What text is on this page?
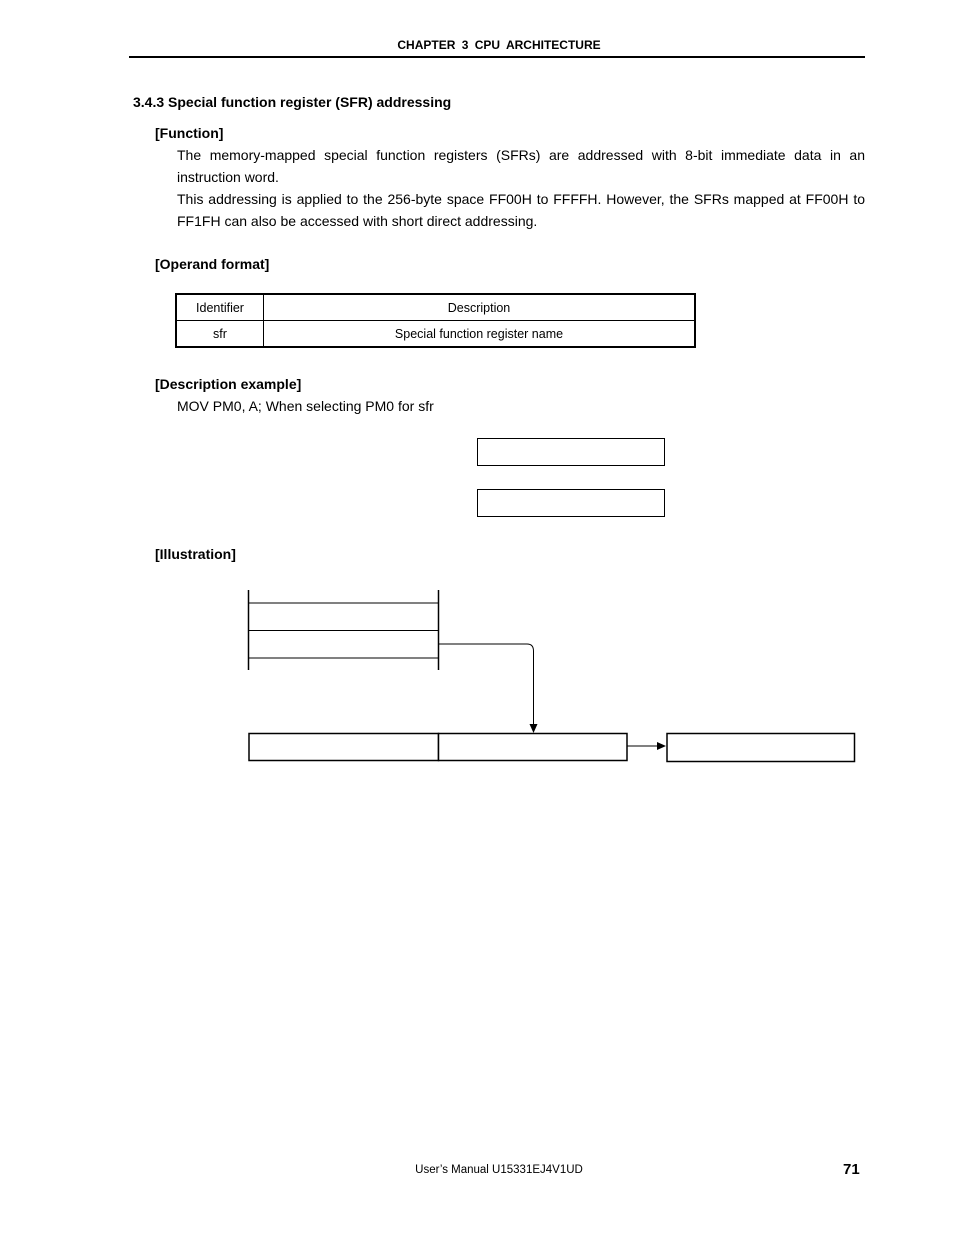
CHAPTER 3 CPU ARCHITECTURE
3.4.3 Special function register (SFR) addressing
[Function]
The memory-mapped special function registers (SFRs) are addressed with 8-bit immediate data in an instruction word.
This addressing is applied to the 256-byte space FF00H to FFFFH. However, the SFRs mapped at FF00H to FF1FH can also be accessed with short direct addressing.
[Operand format]
Identifier	Description
sfr	Special function register name
[Description example]
MOV PM0, A; When selecting PM0 for sfr
[Illustration]
User’s Manual U15331EJ4V1UD	71
